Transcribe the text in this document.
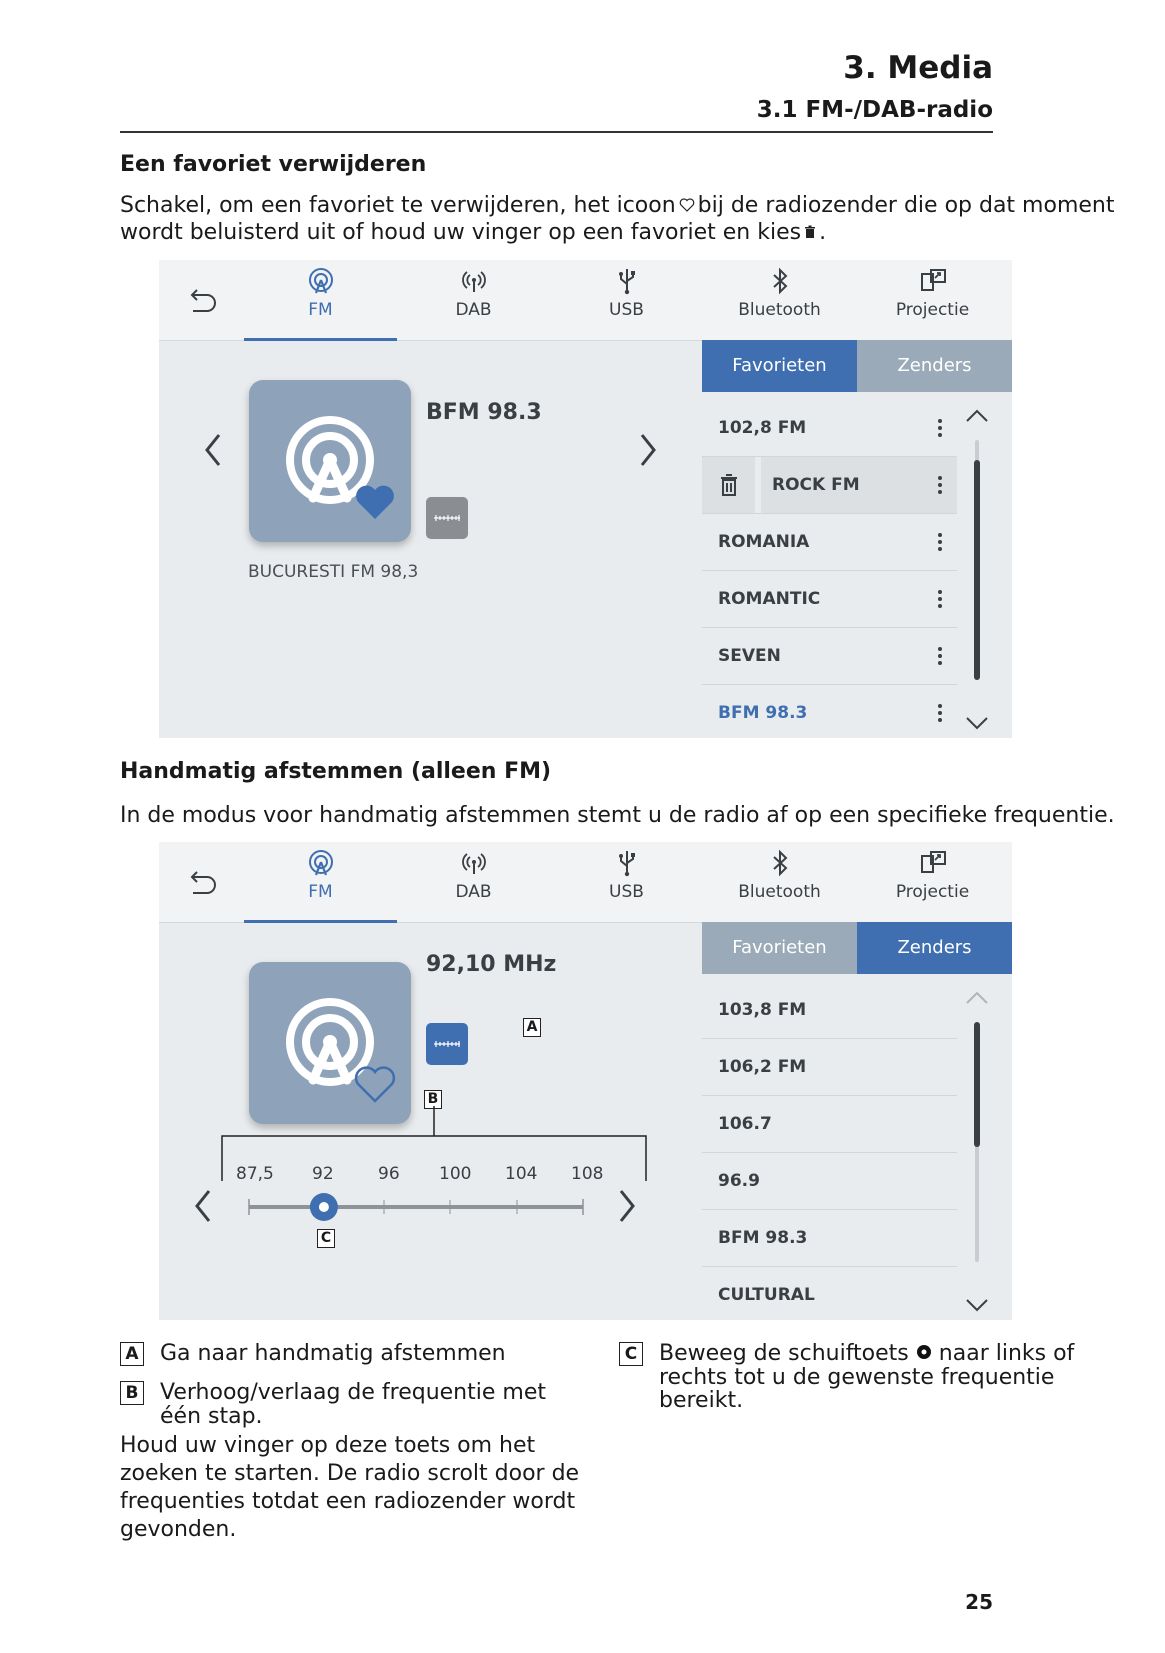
3. Media
3.1 FM-/DAB-radio
Een favoriet verwijderen
Schakel, om een favoriet te verwijderen, het icoon bij de radiozender die op dat moment
wordt beluisterd uit of houd uw vinger op een favoriet en kies .
FM	DAB	USB	Bluetooth	Projectie
BFM 98.3
BUCURESTI FM 98,3
Favorieten	Zenders
102,8 FM
ROCK FM
ROMANIA
ROMANTIC
SEVEN
BFM 98.3
Handmatig afstemmen (alleen FM)
In de modus voor handmatig afstemmen stemt u de radio af op een specifieke frequentie.
FM	DAB	USB	Bluetooth	Projectie
92,10 MHz
A
B
87,5 92	96 100 104 108
C
Favorieten	Zenders
103,8 FM
106,2 FM
106.7
96.9
BFM 98.3
CULTURAL
A Ga naar handmatig afstemmen
B Verhoog/verlaag de frequentie met
één stap.
Houd uw vinger op deze toets om het
zoeken te starten. De radio scrolt door de
frequenties totdat een radiozender wordt
gevonden.
C Beweeg de schuiftoets naar links of
rechts tot u de gewenste frequentie
bereikt.
25
